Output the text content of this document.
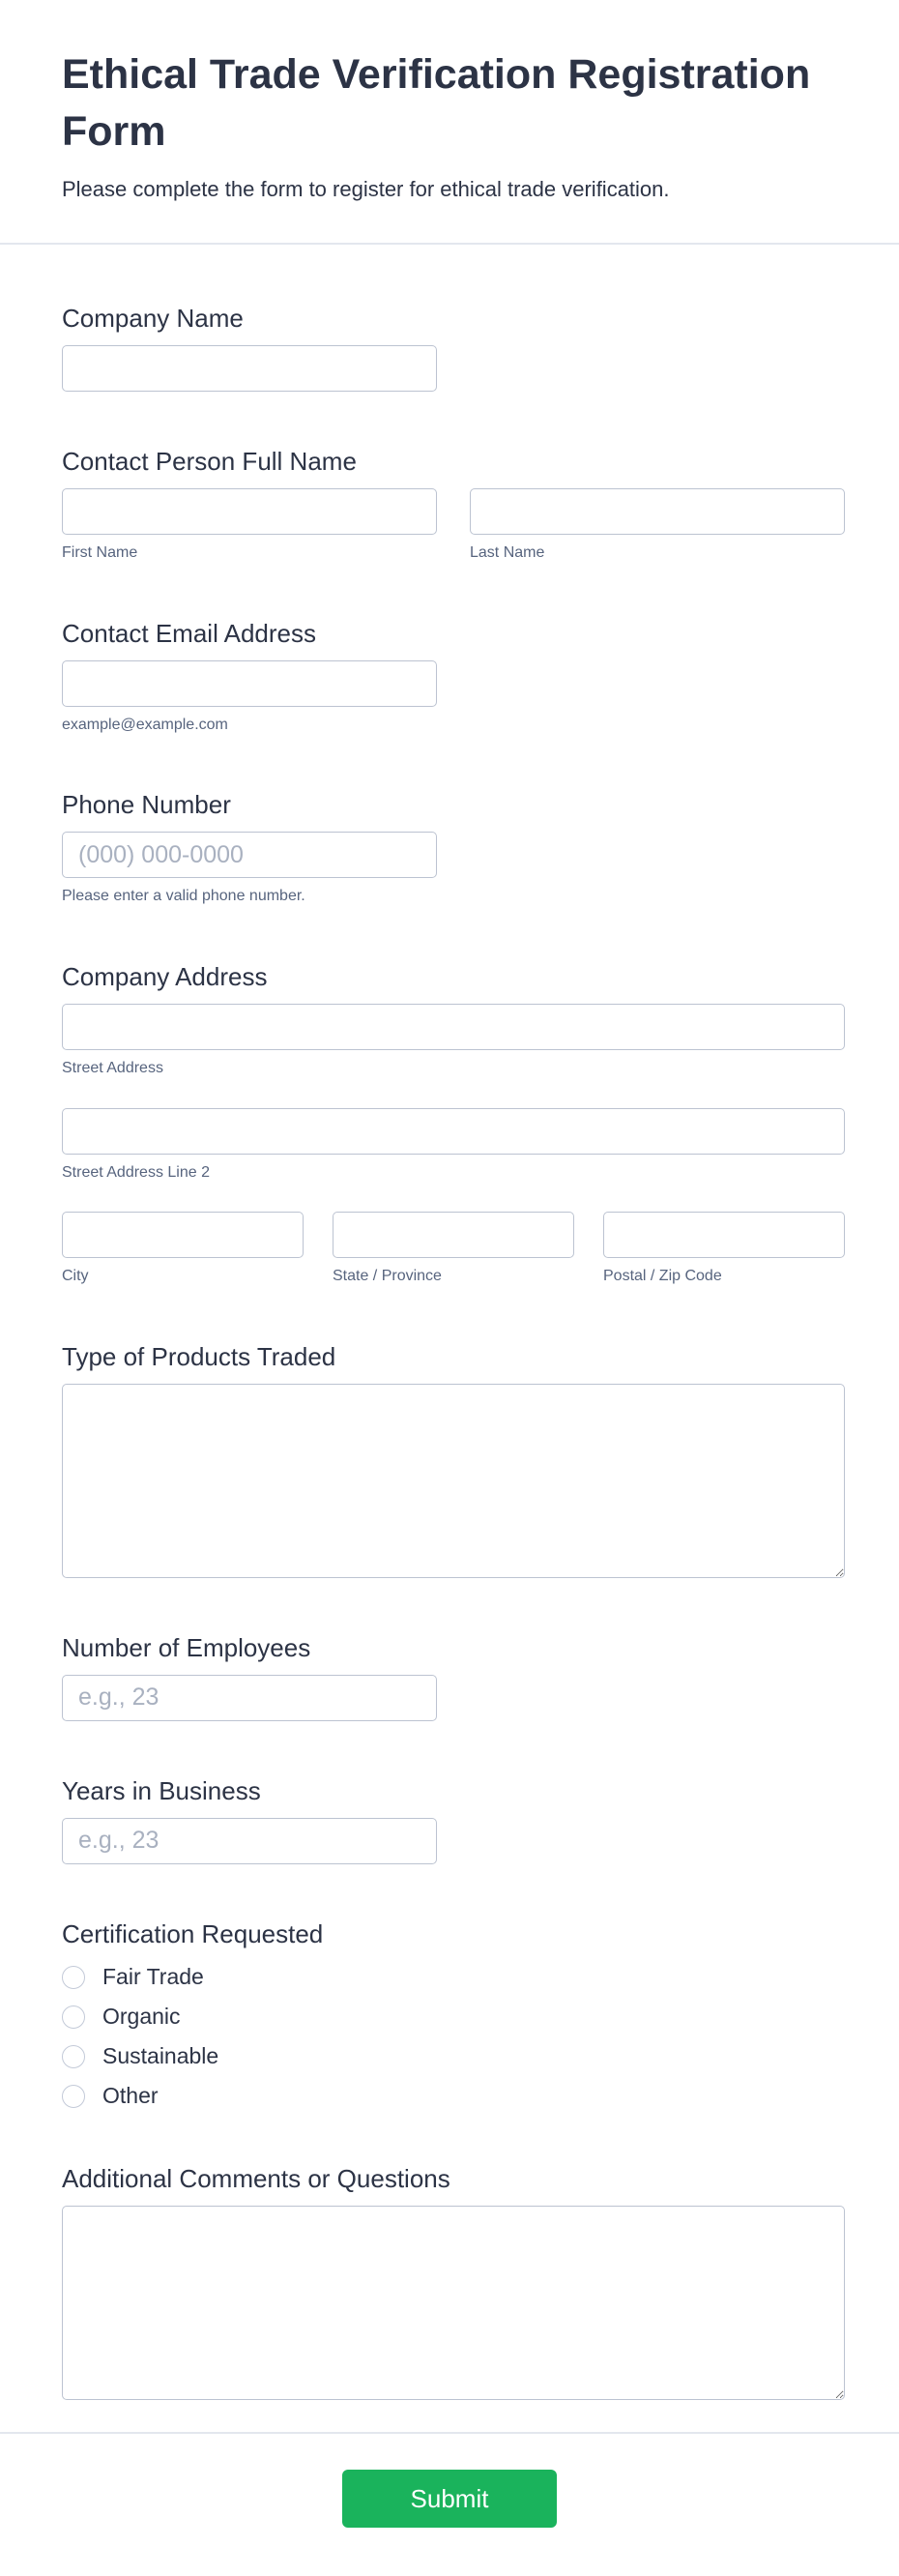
Ethical Trade Verification Registration Form

Please complete the form to register for ethical trade verification.

Company Name
Contact Person Full Name
First Name	Last Name
Contact Email Address
example@example.com
Phone Number
(000) 000-0000
Please enter a valid phone number.
Company Address
Street Address
Street Address Line 2
City	State / Province	Postal / Zip Code
Type of Products Traded
Number of Employees
e.g., 23
Years in Business
e.g., 23
Certification Requested
Fair Trade
Organic
Sustainable
Other
Additional Comments or Questions
Submit
